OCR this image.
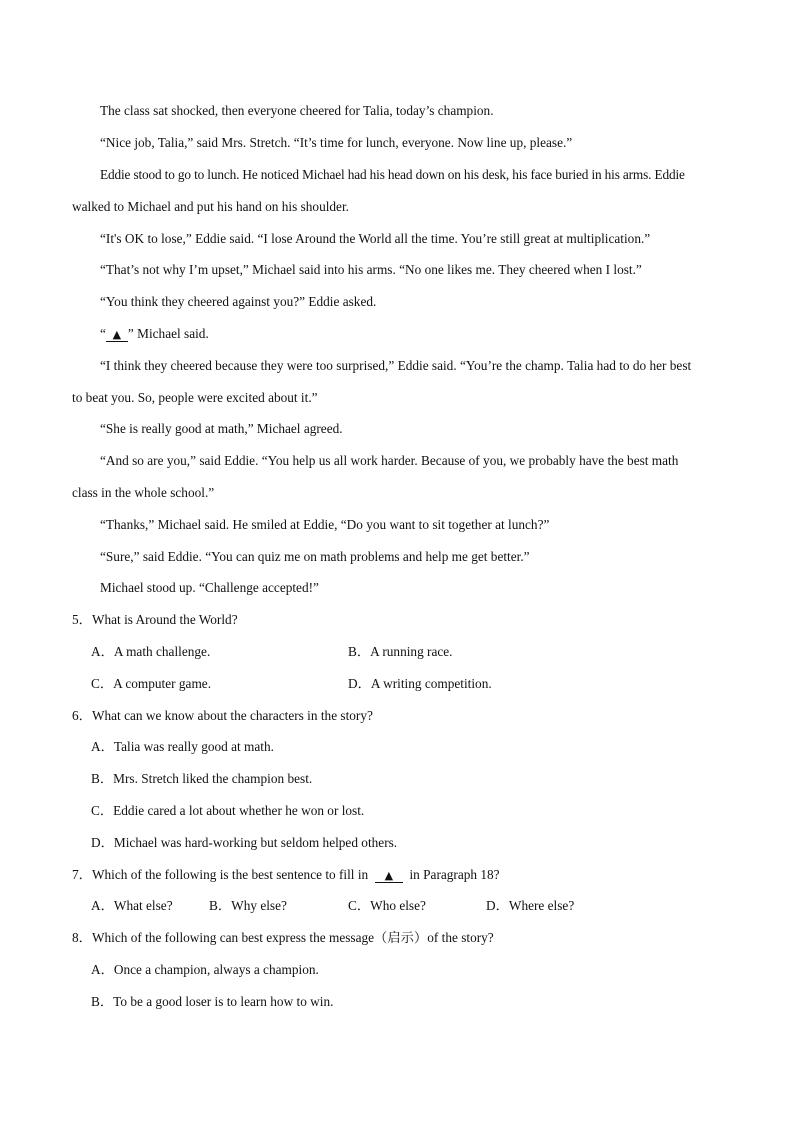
The class sat shocked, then everyone cheered for Talia, today’s champion.
“Nice job, Talia,” said Mrs. Stretch. “It’s time for lunch, everyone. Now line up, please.”
Eddie stood to go to lunch. He noticed Michael had his head down on his desk, his face buried in his arms. Eddie
walked to Michael and put his hand on his shoulder.
“It's OK to lose,” Eddie said. “I lose Around the World all the time. You’re still great at multiplication.”
“That’s not why I’m upset,” Michael said into his arms. “No one likes me. They cheered when I lost.”
“You think they cheered against you?” Eddie asked.
“ ▲ ” Michael said.
“I think they cheered because they were too surprised,” Eddie said. “You’re the champ. Talia had to do her best
to beat you. So, people were excited about it.”
“She is really good at math,” Michael agreed.
“And so are you,” said Eddie. “You help us all work harder. Because of you, we probably have the best math
class in the whole school.”
“Thanks,” Michael said. He smiled at Eddie, “Do you want to sit together at lunch?”
“Sure,” said Eddie. “You can quiz me on math problems and help me get better.”
Michael stood up. “Challenge accepted!”
5．What is Around the World?
A．A math challenge.	B．A running race.
C．A computer game.	D．A writing competition.
6．What can we know about the characters in the story?
A．Talia was really good at math.
B．Mrs. Stretch liked the champion best.
C．Eddie cared a lot about whether he won or lost.
D．Michael was hard-working but seldom helped others.
7．Which of the following is the best sentence to fill in ▲ in Paragraph 18?
A．What else?	B．Why else?	C．Who else?	D．Where else?
8．Which of the following can best express the message（启示）of the story?
A．Once a champion, always a champion.
B．To be a good loser is to learn how to win.
